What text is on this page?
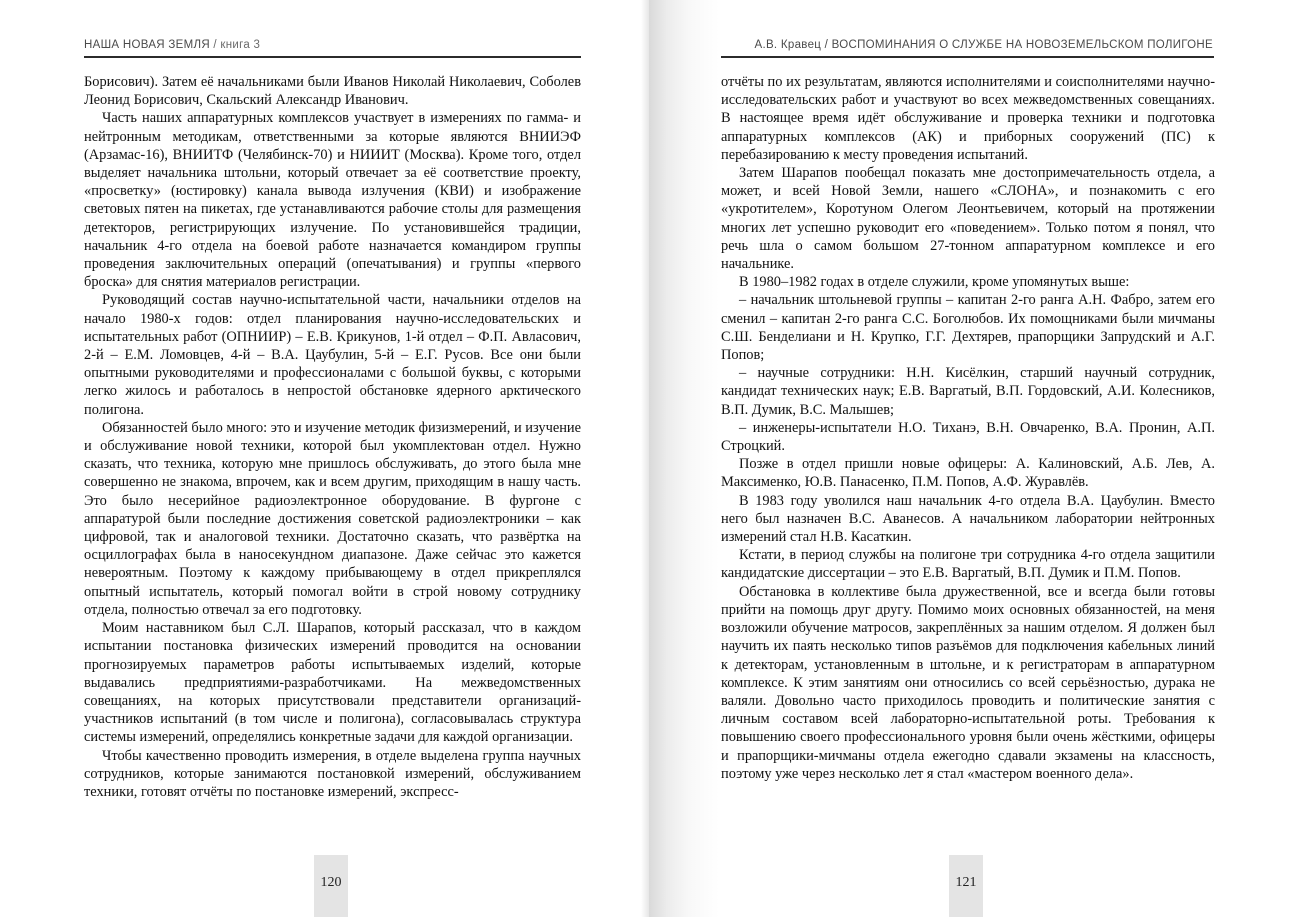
НАША НОВАЯ ЗЕМЛЯ / книга 3

Борисович). Затем её начальниками были Иванов Николай Николаевич, Соболев Леонид Борисович, Скальский Александр Иванович.

Часть наших аппаратурных комплексов участвует в измерениях по гамма- и нейтронным методикам, ответственными за которые являются ВНИИЭФ (Арзамас-16), ВНИИТФ (Челябинск-70) и НИИИТ (Москва). Кроме того, отдел выделяет начальника штольни, который отвечает за её соответствие проекту, «просветку» (юстировку) канала вывода излучения (КВИ) и изображение световых пятен на пикетах, где устанавливаются рабочие столы для размещения детекторов, регистрирующих излучение. По установившейся традиции, начальник 4-го отдела на боевой работе назначается командиром группы проведения заключительных операций (опечатывания) и группы «первого броска» для снятия материалов регистрации.

Руководящий состав научно-испытательной части, начальники отделов на начало 1980-х годов: отдел планирования научно-исследовательских и испытательных работ (ОПНИИР) – Е.В. Крикунов, 1-й отдел – Ф.П. Авласович, 2-й – Е.М. Ломовцев, 4-й – В.А. Цаубулин, 5-й – Е.Г. Русов. Все они были опытными руководителями и профессионалами с большой буквы, с которыми легко жилось и работалось в непростой обстановке ядерного арктического полигона.

Обязанностей было много: это и изучение методик физизмерений, и изучение и обслуживание новой техники, которой был укомплектован отдел. Нужно сказать, что техника, которую мне пришлось обслуживать, до этого была мне совершенно не знакома, впрочем, как и всем другим, приходящим в нашу часть. Это было несерийное радиоэлектронное оборудование. В фургоне с аппаратурой были последние достижения советской радиоэлектроники – как цифровой, так и аналоговой техники. Достаточно сказать, что развёртка на осциллографах была в наносекундном диапазоне. Даже сейчас это кажется невероятным. Поэтому к каждому прибывающему в отдел прикреплялся опытный испытатель, который помогал войти в строй новому сотруднику отдела, полностью отвечал за его подготовку.

Моим наставником был С.Л. Шарапов, который рассказал, что в каждом испытании постановка физических измерений проводится на основании прогнозируемых параметров работы испытываемых изделий, которые выдавались предприятиями-разработчиками. На межведомственных совещаниях, на которых присутствовали представители организаций-участников испытаний (в том числе и полигона), согласовывалась структура системы измерений, определялись конкретные задачи для каждой организации.

Чтобы качественно проводить измерения, в отделе выделена группа научных сотрудников, которые занимаются постановкой измерений, обслуживанием техники, готовят отчёты по постановке измерений, экспресс-

120
А.В. Кравец / ВОСПОМИНАНИЯ О СЛУЖБЕ НА НОВОЗЕМЕЛЬСКОМ ПОЛИГОНЕ

отчёты по их результатам, являются исполнителями и соисполнителями научно-исследовательских работ и участвуют во всех межведомственных совещаниях. В настоящее время идёт обслуживание и проверка техники и подготовка аппаратурных комплексов (АК) и приборных сооружений (ПС) к перебазированию к месту проведения испытаний.

Затем Шарапов пообещал показать мне достопримечательность отдела, а может, и всей Новой Земли, нашего «СЛОНА», и познакомить с его «укротителем», Коротуном Олегом Леонтьевичем, который на протяжении многих лет успешно руководит его «поведением». Только потом я понял, что речь шла о самом большом 27-тонном аппаратурном комплексе и его начальнике.

В 1980–1982 годах в отделе служили, кроме упомянутых выше:

– начальник штольневой группы – капитан 2-го ранга А.Н. Фабро, затем его сменил – капитан 2-го ранга С.С. Боголюбов. Их помощниками были мичманы С.Ш. Бенделиани и Н. Крупко, Г.Г. Дехтярев, прапорщики Запрудский и А.Г. Попов;

– научные сотрудники: Н.Н. Кисёлкин, старший научный сотрудник, кандидат технических наук; Е.В. Варгатый, В.П. Гордовский, А.И. Колесников, В.П. Думик, В.С. Малышев;

– инженеры-испытатели Н.О. Тиханэ, В.Н. Овчаренко, В.А. Пронин, А.П. Строцкий.

Позже в отдел пришли новые офицеры: А. Калиновский, А.Б. Лев, А. Максименко, Ю.В. Панасенко, П.М. Попов, А.Ф. Журавлёв.

В 1983 году уволился наш начальник 4-го отдела В.А. Цаубулин. Вместо него был назначен В.С. Аванесов. А начальником лаборатории нейтронных измерений стал Н.В. Касаткин.

Кстати, в период службы на полигоне три сотрудника 4-го отдела защитили кандидатские диссертации – это Е.В. Варгатый, В.П. Думик и П.М. Попов.

Обстановка в коллективе была дружественной, все и всегда были готовы прийти на помощь друг другу. Помимо моих основных обязанностей, на меня возложили обучение матросов, закреплённых за нашим отделом. Я должен был научить их паять несколько типов разъёмов для подключения кабельных линий к детекторам, установленным в штольне, и к регистраторам в аппаратурном комплексе. К этим занятиям они относились со всей серьёзностью, дурака не валяли. Довольно часто приходилось проводить и политические занятия с личным составом всей лабораторно-испытательной роты. Требования к повышению своего профессионального уровня были очень жёсткими, офицеры и прапорщики-мичманы отдела ежегодно сдавали экзамены на классность, поэтому уже через несколько лет я стал «мастером военного дела».

121
